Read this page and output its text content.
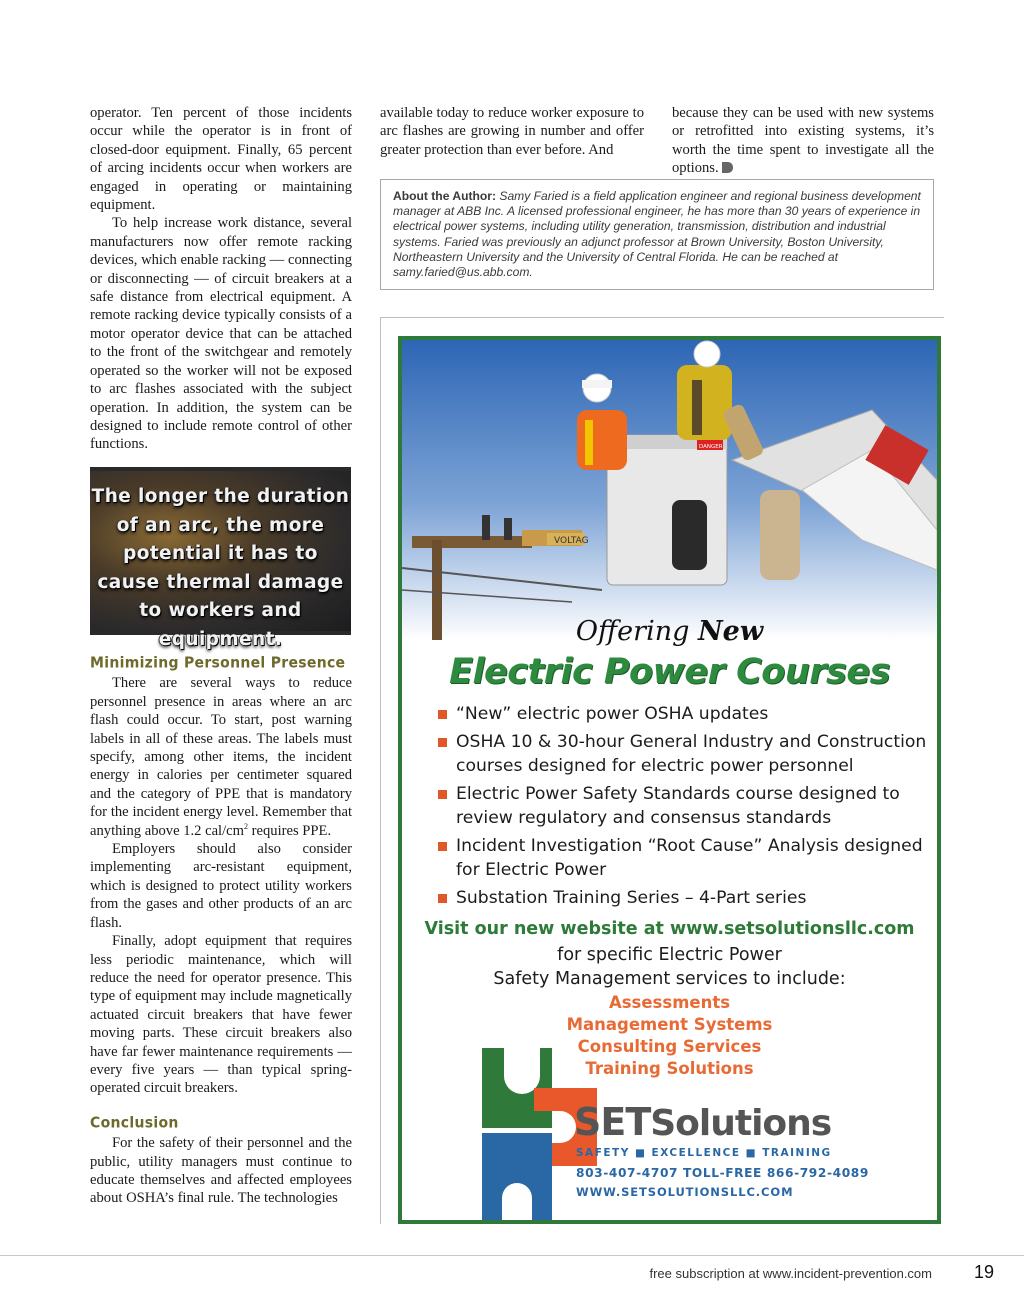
operator. Ten percent of those incidents occur while the operator is in front of closed-door equipment. Finally, 65 percent of arcing incidents occur when workers are engaged in operating or maintaining equipment.

To help increase work distance, several manufacturers now offer remote racking devices, which enable racking — connecting or disconnecting — of circuit breakers at a safe distance from electrical equipment. A remote racking device typically consists of a motor operator device that can be attached to the front of the switchgear and remotely operated so the worker will not be exposed to arc flashes associated with the subject operation. In addition, the system can be designed to include remote control of other functions.

The longer the duration of an arc, the more potential it has to cause thermal damage to workers and equipment.
Minimizing Personnel Presence

There are several ways to reduce personnel presence in areas where an arc flash could occur. To start, post warning labels in all of these areas. The labels must specify, among other items, the incident energy in calories per centimeter squared and the category of PPE that is mandatory for the incident energy level. Remember that anything above 1.2 cal/$cm^2$ requires PPE.

Employers should also consider implementing arc-resistant equipment, which is designed to protect utility workers from the gases and other products of an arc flash.

Finally, adopt equipment that requires less periodic maintenance, which will reduce the need for operator presence. This type of equipment may include magnetically actuated circuit breakers that have fewer moving parts. These circuit breakers also have far fewer maintenance requirements — every five years — than typical spring-operated circuit breakers.

Conclusion

For the safety of their personnel and the public, utility managers must continue to educate themselves and affected employees about OSHA’s final rule. The technologies

available today to reduce worker exposure to arc flashes are growing in number and offer greater protection than ever before. And

because they can be used with new systems or retrofitted into existing systems, it’s worth the time spent to investigate all the options.

About the Author: Samy Faried is a field application engineer and regional business development manager at ABB Inc. A licensed professional engineer, he has more than 30 years of experience in electrical power systems, including utility generation, transmission, distribution and industrial systems. Faried was previously an adjunct professor at Brown University, Boston University, Northeastern University and the University of Central Florida. He can be reached at samy.faried@us.abb.com.
VOLTAG
DANGER
Offering New
Electric Power Courses
“New” electric power OSHA updates
OSHA 10 & 30-hour General Industry and Construction courses designed for electric power personnel
Electric Power Safety Standards course designed to review regulatory and consensus standards
Incident Investigation “Root Cause” Analysis designed for Electric Power
Substation Training Series – 4-Part series
Visit our new website at www.setsolutionsllc.com
for specific Electric Power
Safety Management services to include:
Assessments
Management Systems
Consulting Services
Training Solutions
SETSolutions
SAFETY ■ EXCELLENCE ■ TRAINING
803-407-4707 TOLL-FREE 866-792-4089
WWW.SETSOLUTIONSLLC.COM
free subscription at www.incident-prevention.com 19
